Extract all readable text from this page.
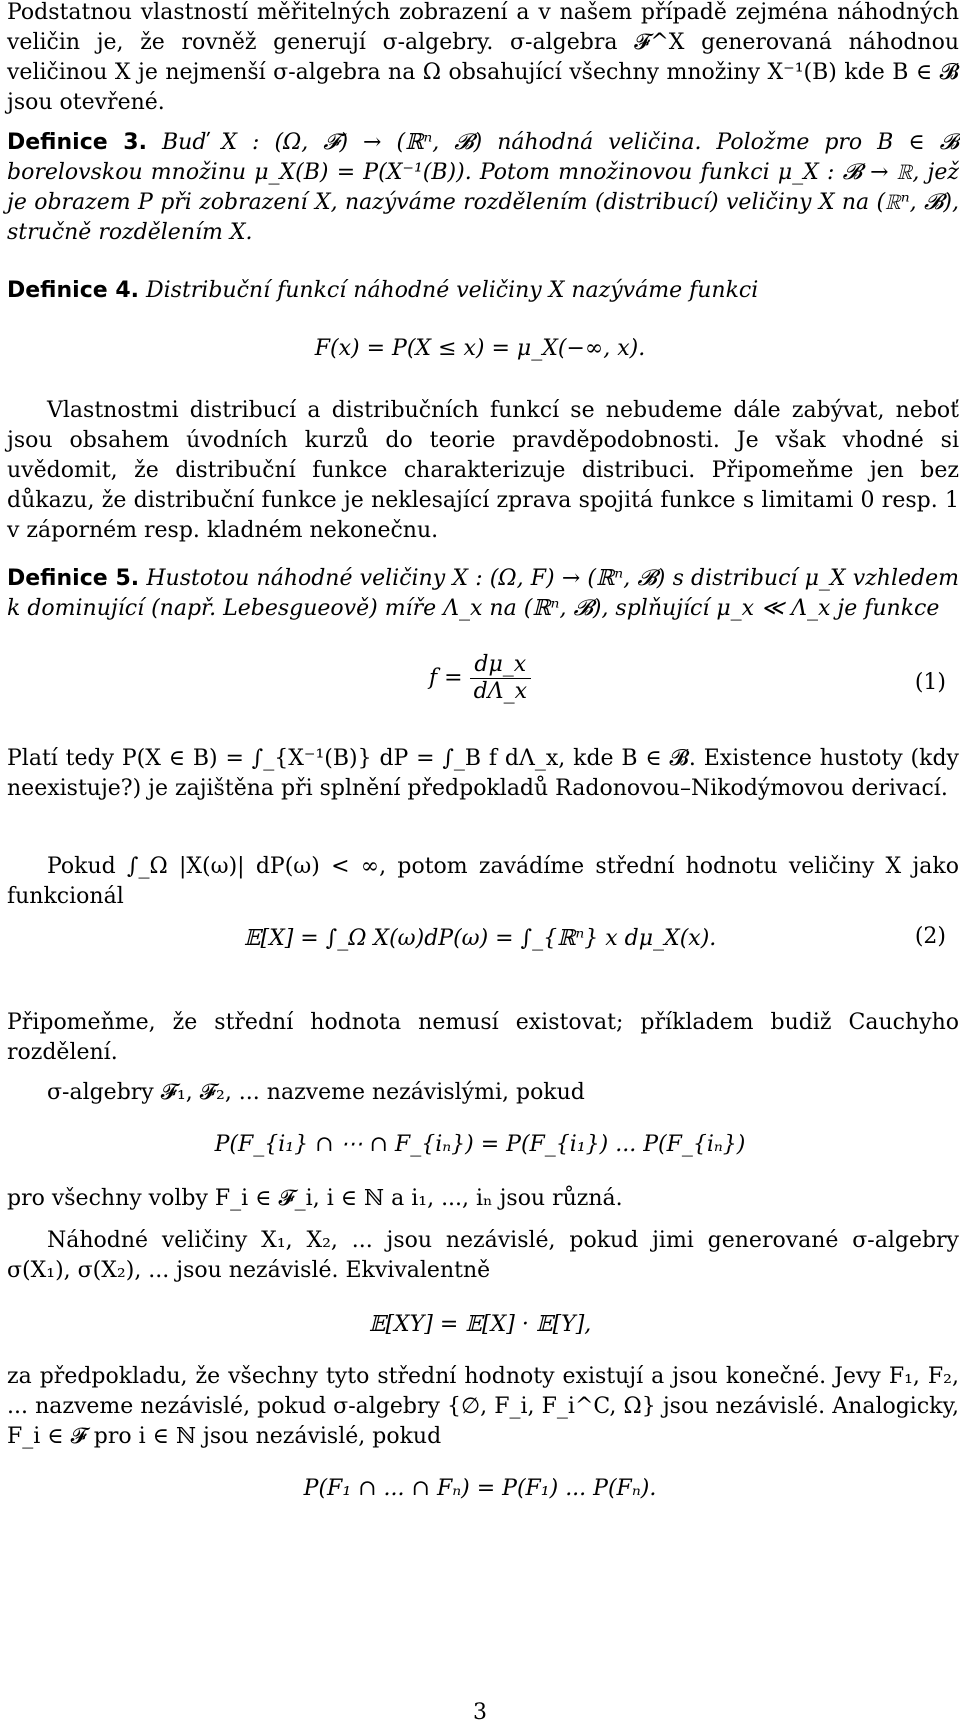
Podstatnou vlastností měřitelných zobrazení a v našem případě zejména náhodných veličin je, že rovněž generují σ-algebry. σ-algebra 𝓕^X generovaná náhodnou veličinou X je nejmenší σ-algebra na Ω obsahující všechny množiny X⁻¹(B) kde B ∈ 𝓑 jsou otevřené.

Definice 3. Buď X : (Ω, 𝓕) → (ℝⁿ, 𝓑) náhodná veličina. Položme pro B ∈ 𝓑 borelovskou množinu μ_X(B) = P(X⁻¹(B)). Potom množinovou funkci μ_X : 𝓑 → ℝ, jež je obrazem P při zobrazení X, nazýváme rozdělením (distribucí) veličiny X na (ℝⁿ, 𝓑), stručně rozdělením X.

Definice 4. Distribuční funkcí náhodné veličiny X nazýváme funkci

F(x) = P(X ≤ x) = μ_X(−∞, x).

Vlastnostmi distribucí a distribučních funkcí se nebudeme dále zabývat, neboť jsou obsahem úvodních kurzů do teorie pravděpodobnosti. Je však vhodné si uvědomit, že distribuční funkce charakterizuje distribuci. Připomeňme jen bez důkazu, že distribuční funkce je neklesající zprava spojitá funkce s limitami 0 resp. 1 v záporném resp. kladném nekonečnu.

Definice 5. Hustotou náhodné veličiny X : (Ω, F) → (ℝⁿ, 𝓑) s distribucí μ_X vzhledem k dominující (např. Lebesgueově) míře Λ_x na (ℝⁿ, 𝓑), splňující μ_x ≪ Λ_x je funkce

$f = \frac{d\mu\_x}{d\Lambda\_x}$	(1)

Platí tedy P(X ∈ B) = ∫_{X⁻¹(B)} dP = ∫_B f dΛ_x, kde B ∈ 𝓑. Existence hustoty (kdy neexistuje?) je zajištěna při splnění předpokladů Radonovou–Nikodýmovou derivací.

Pokud ∫_Ω |X(ω)| dP(ω) < ∞, potom zavádíme střední hodnotu veličiny X jako funkcionál

𝔼[X] = ∫_Ω X(ω)dP(ω) = ∫_{ℝⁿ} x dμ_X(x).	(2)

Připomeňme, že střední hodnota nemusí existovat; příkladem budiž Cauchyho rozdělení.

σ-algebry 𝓕₁, 𝓕₂, ... nazveme nezávislými, pokud

P(F_{i₁} ∩ ⋯ ∩ F_{iₙ}) = P(F_{i₁}) ... P(F_{iₙ})

pro všechny volby F_i ∈ 𝓕_i, i ∈ ℕ a i₁, ..., iₙ jsou různá.

Náhodné veličiny X₁, X₂, ... jsou nezávislé, pokud jimi generované σ-algebry σ(X₁), σ(X₂), ... jsou nezávislé. Ekvivalentně

𝔼[XY] = 𝔼[X] · 𝔼[Y],

za předpokladu, že všechny tyto střední hodnoty existují a jsou konečné. Jevy F₁, F₂, ... nazveme nezávislé, pokud σ-algebry {∅, F_i, F_i^C, Ω} jsou nezávislé. Analogicky, F_i ∈ 𝓕 pro i ∈ ℕ jsou nezávislé, pokud

P(F₁ ∩ ... ∩ Fₙ) = P(F₁) ... P(Fₙ).
3
